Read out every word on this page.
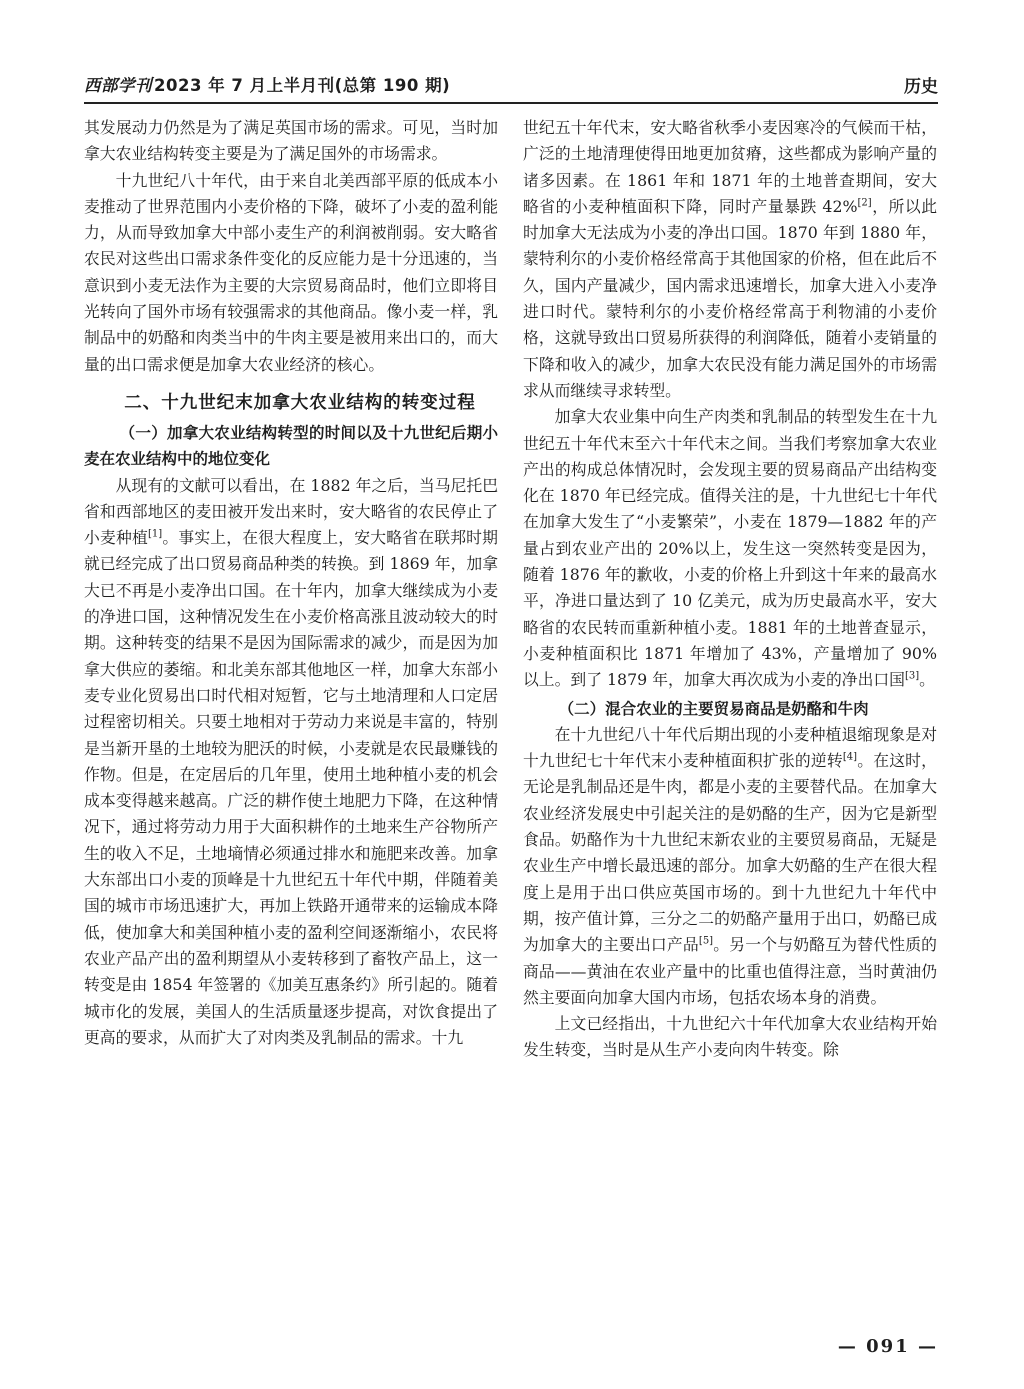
西部学刊 2023 年 7 月上半月刊(总第 190 期)	历史

其发展动力仍然是为了满足英国市场的需求。可见，当时加拿大农业结构转变主要是为了满足国外的市场需求。

十九世纪八十年代，由于来自北美西部平原的低成本小麦推动了世界范围内小麦价格的下降，破坏了小麦的盈利能力，从而导致加拿大中部小麦生产的利润被削弱。安大略省农民对这些出口需求条件变化的反应能力是十分迅速的，当意识到小麦无法作为主要的大宗贸易商品时，他们立即将目光转向了国外市场有较强需求的其他商品。像小麦一样，乳制品中的奶酪和肉类当中的牛肉主要是被用来出口的，而大量的出口需求便是加拿大农业经济的核心。

二、十九世纪末加拿大农业结构的转变过程
（一）加拿大农业结构转型的时间以及十九世纪后期小麦在农业结构中的地位变化

从现有的文献可以看出，在 1882 年之后，当马尼托巴省和西部地区的麦田被开发出来时，安大略省的农民停止了小麦种植[1]。事实上，在很大程度上，安大略省在联邦时期就已经完成了出口贸易商品种类的转换。到 1869 年，加拿大已不再是小麦净出口国。在十年内，加拿大继续成为小麦的净进口国，这种情况发生在小麦价格高涨且波动较大的时期。这种转变的结果不是因为国际需求的减少，而是因为加拿大供应的萎缩。和北美东部其他地区一样，加拿大东部小麦专业化贸易出口时代相对短暂，它与土地清理和人口定居过程密切相关。只要土地相对于劳动力来说是丰富的，特别是当新开垦的土地较为肥沃的时候，小麦就是农民最赚钱的作物。但是，在定居后的几年里，使用土地种植小麦的机会成本变得越来越高。广泛的耕作使土地肥力下降，在这种情况下，通过将劳动力用于大面积耕作的土地来生产谷物所产生的收入不足，土地墒情必须通过排水和施肥来改善。加拿大东部出口小麦的顶峰是十九世纪五十年代中期，伴随着美国的城市市场迅速扩大，再加上铁路开通带来的运输成本降低，使加拿大和美国种植小麦的盈利空间逐渐缩小，农民将农业产品产出的盈利期望从小麦转移到了畜牧产品上，这一转变是由 1854 年签署的《加美互惠条约》所引起的。随着城市化的发展，美国人的生活质量逐步提高，对饮食提出了更高的要求，从而扩大了对肉类及乳制品的需求。十九

世纪五十年代末，安大略省秋季小麦因寒冷的气候而干枯，广泛的土地清理使得田地更加贫瘠，这些都成为影响产量的诸多因素。在 1861 年和 1871 年的土地普查期间，安大略省的小麦种植面积下降，同时产量暴跌 42%[2]，所以此时加拿大无法成为小麦的净出口国。1870 年到 1880 年，蒙特利尔的小麦价格经常高于其他国家的价格，但在此后不久，国内产量减少，国内需求迅速增长，加拿大进入小麦净进口时代。蒙特利尔的小麦价格经常高于利物浦的小麦价格，这就导致出口贸易所获得的利润降低，随着小麦销量的下降和收入的减少，加拿大农民没有能力满足国外的市场需求从而继续寻求转型。

加拿大农业集中向生产肉类和乳制品的转型发生在十九世纪五十年代末至六十年代末之间。当我们考察加拿大农业产出的构成总体情况时，会发现主要的贸易商品产出结构变化在 1870 年已经完成。值得关注的是，十九世纪七十年代在加拿大发生了“小麦繁荣”，小麦在 1879—1882 年的产量占到农业产出的 20%以上，发生这一突然转变是因为，随着 1876 年的歉收，小麦的价格上升到这十年来的最高水平，净进口量达到了 10 亿美元，成为历史最高水平，安大略省的农民转而重新种植小麦。1881 年的土地普查显示，小麦种植面积比 1871 年增加了 43%，产量增加了 90%以上。到了 1879 年，加拿大再次成为小麦的净出口国[3]。

（二）混合农业的主要贸易商品是奶酪和牛肉

在十九世纪八十年代后期出现的小麦种植退缩现象是对十九世纪七十年代末小麦种植面积扩张的逆转[4]。在这时，无论是乳制品还是牛肉，都是小麦的主要替代品。在加拿大农业经济发展史中引起关注的是奶酪的生产，因为它是新型食品。奶酪作为十九世纪末新农业的主要贸易商品，无疑是农业生产中增长最迅速的部分。加拿大奶酪的生产在很大程度上是用于出口供应英国市场的。到十九世纪九十年代中期，按产值计算，三分之二的奶酪产量用于出口，奶酪已成为加拿大的主要出口产品[5]。另一个与奶酪互为替代性质的商品——黄油在农业产量中的比重也值得注意，当时黄油仍然主要面向加拿大国内市场，包括农场本身的消费。

上文已经指出，十九世纪六十年代加拿大农业结构开始发生转变，当时是从生产小麦向肉牛转变。除

— 091 —
